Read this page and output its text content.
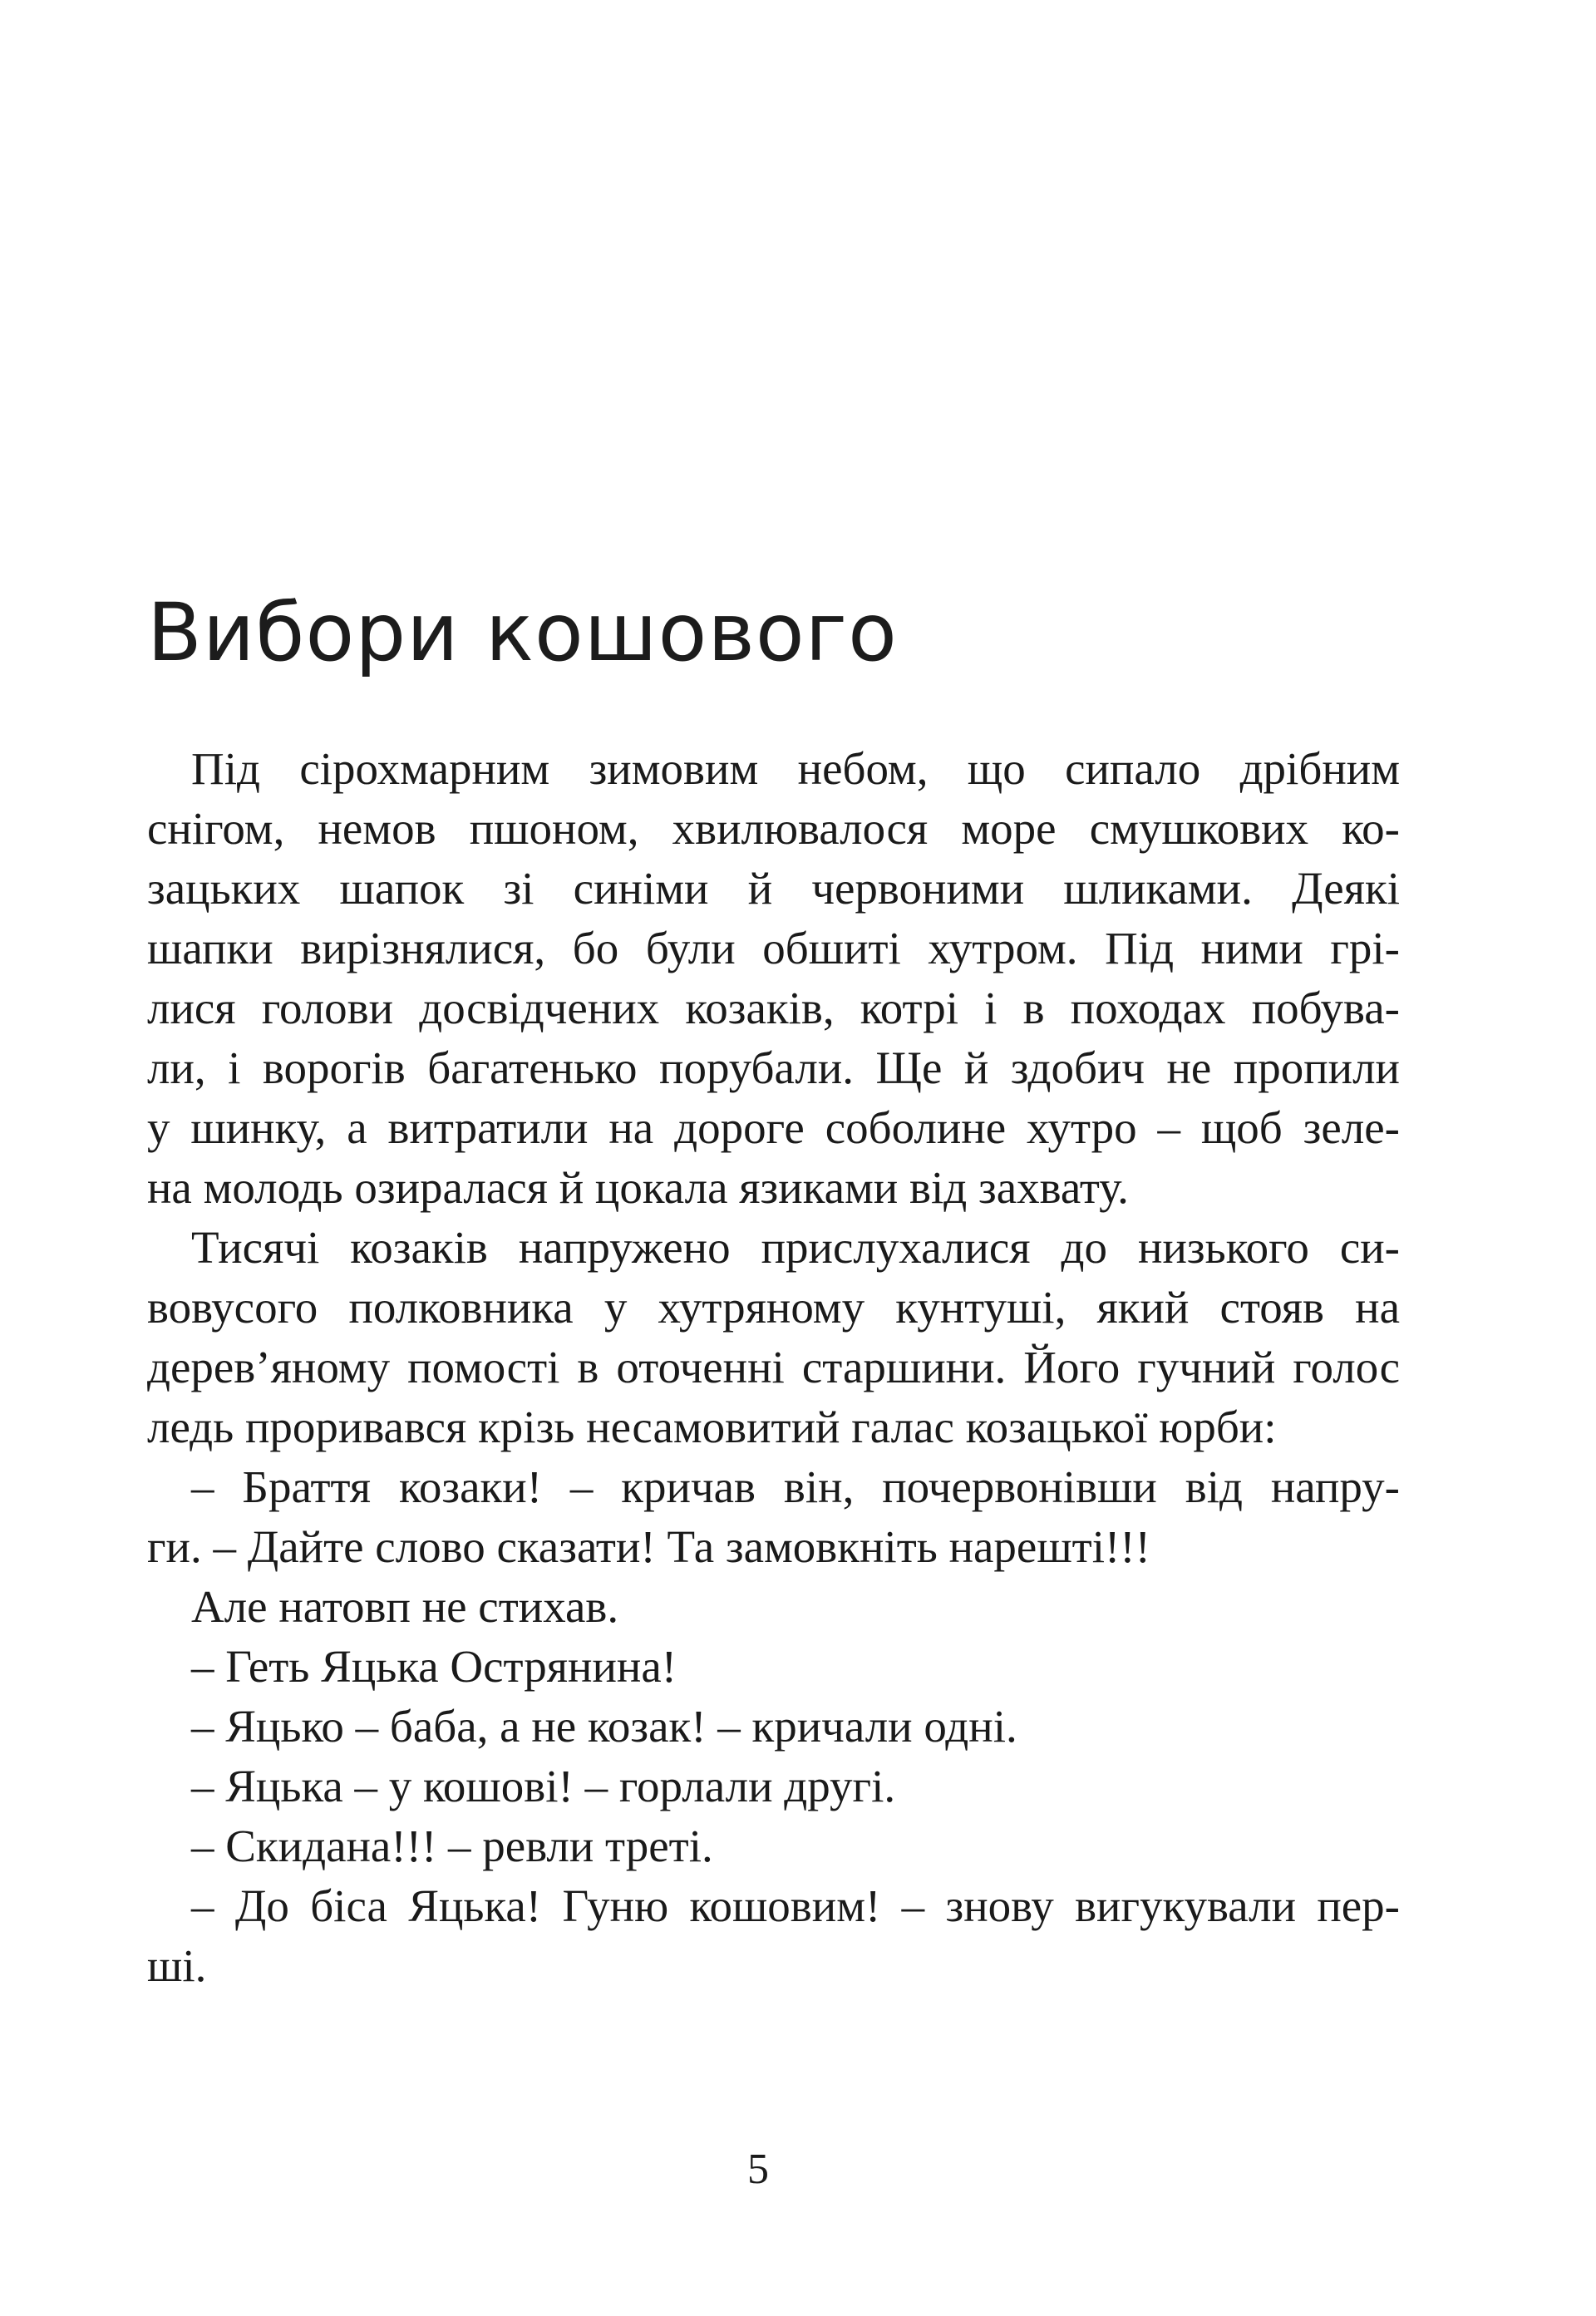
Вибори кошового
Під сірохмарним зимовим небом, що сипало дрібним
снігом, немов пшоном, хвилювалося море смушкових ко-
зацьких шапок зі синіми й червоними шликами. Деякі
шапки вирізнялися, бо були обшиті хутром. Під ними грі-
лися голови досвідчених козаків, котрі і в походах побува-
ли, і ворогів багатенько порубали. Ще й здобич не пропили
у шинку, а витратили на дороге соболине хутро – щоб зеле-
на молодь озиралася й цокала язиками від захвату.
Тисячі козаків напружено прислухалися до низького си-
вовусого полковника у хутряному кунтуші, який стояв на
дерев’яному помості в оточенні старшини. Його гучний голос
ледь проривався крізь несамовитий галас козацької юрби:
– Браття козаки! – кричав він, почервонівши від напру-
ги. – Дайте слово сказати! Та замовкніть нарешті!!!
Але натовп не стихав.
– Геть Яцька Острянина!
– Яцько – баба, а не козак! – кричали одні.
– Яцька – у кошові! – горлали другі.
– Скидана!!! – ревли треті.
– До біса Яцька! Гуню кошовим! – знову вигукували пер-
ші.
5
